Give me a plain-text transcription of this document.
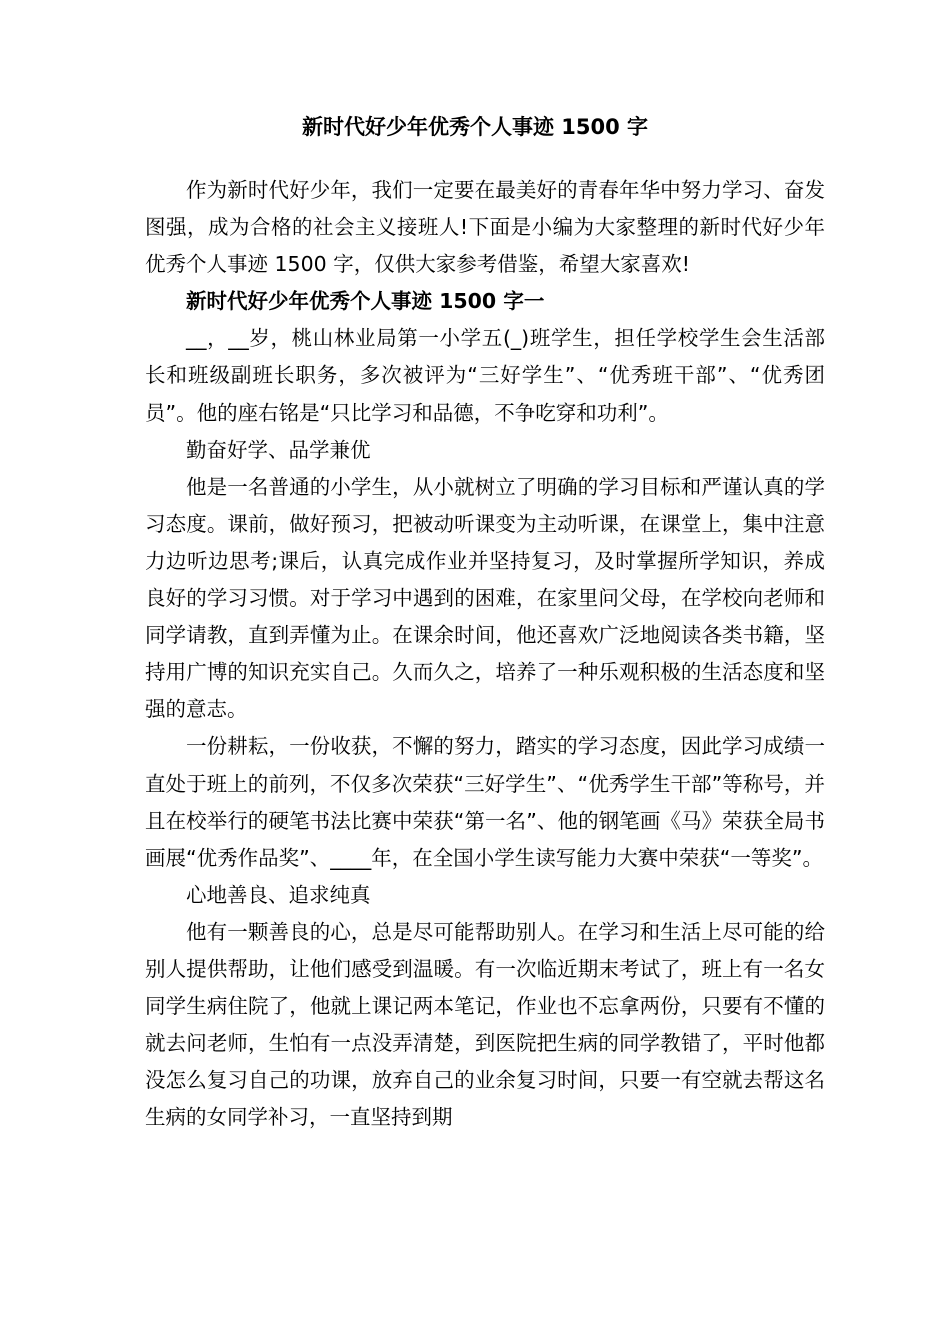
新时代好少年优秀个人事迹 1500 字

作为新时代好少年，我们一定要在最美好的青春年华中努力学习、奋发图强，成为合格的社会主义接班人!下面是小编为大家整理的新时代好少年优秀个人事迹 1500 字，仅供大家参考借鉴，希望大家喜欢!

新时代好少年优秀个人事迹 1500 字一

__，__岁，桃山林业局第一小学五(_)班学生，担任学校学生会生活部长和班级副班长职务，多次被评为“三好学生”、“优秀班干部”、“优秀团员”。他的座右铭是“只比学习和品德，不争吃穿和功利”。

勤奋好学、品学兼优

他是一名普通的小学生，从小就树立了明确的学习目标和严谨认真的学习态度。课前，做好预习，把被动听课变为主动听课，在课堂上，集中注意力边听边思考;课后，认真完成作业并坚持复习，及时掌握所学知识，养成良好的学习习惯。对于学习中遇到的困难，在家里问父母，在学校向老师和同学请教，直到弄懂为止。在课余时间，他还喜欢广泛地阅读各类书籍，坚持用广博的知识充实自己。久而久之，培养了一种乐观积极的生活态度和坚强的意志。

一份耕耘，一份收获，不懈的努力，踏实的学习态度，因此学习成绩一直处于班上的前列，不仅多次荣获“三好学生”、“优秀学生干部”等称号，并且在校举行的硬笔书法比赛中荣获“第一名”、他的钢笔画《马》荣获全局书画展“优秀作品奖”、____年，在全国小学生读写能力大赛中荣获“一等奖”。

心地善良、追求纯真

他有一颗善良的心，总是尽可能帮助别人。在学习和生活上尽可能的给别人提供帮助，让他们感受到温暖。有一次临近期末考试了，班上有一名女同学生病住院了，他就上课记两本笔记，作业也不忘拿两份，只要有不懂的就去问老师，生怕有一点没弄清楚，到医院把生病的同学教错了，平时他都没怎么复习自己的功课，放弃自己的业余复习时间，只要一有空就去帮这名生病的女同学补习，一直坚持到期
